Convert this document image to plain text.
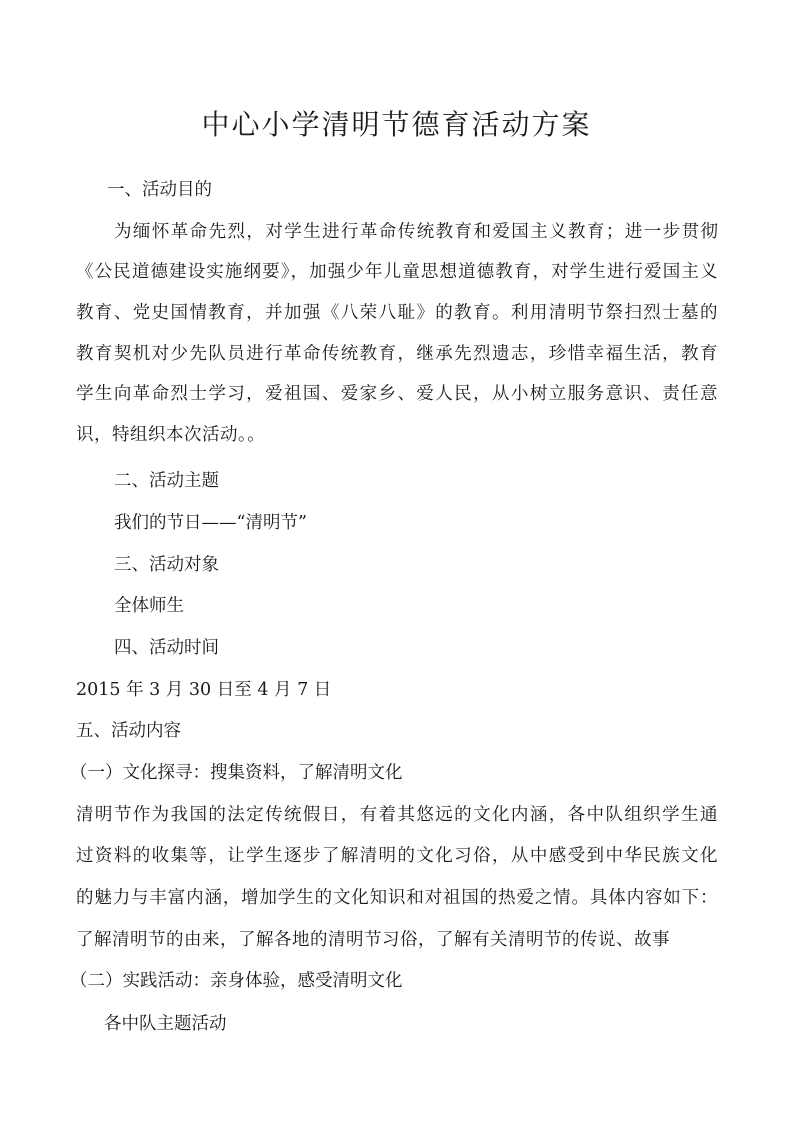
中心小学清明节德育活动方案
一、活动目的
为缅怀革命先烈，对学生进行革命传统教育和爱国主义教育；进一步贯彻
《公民道德建设实施纲要》，加强少年儿童思想道德教育，对学生进行爱国主义
教育、党史国情教育，并加强《八荣八耻》的教育。利用清明节祭扫烈士墓的
教育契机对少先队员进行革命传统教育，继承先烈遗志，珍惜幸福生活，教育
学生向革命烈士学习，爱祖国、爱家乡、爱人民，从小树立服务意识、责任意
识，特组织本次活动。。
二、活动主题
我们的节日——“清明节”
三、活动对象
全体师生
四、活动时间
2015 年 3 月 30 日至 4 月 7 日
五、活动内容
（一）文化探寻：搜集资料，了解清明文化
清明节作为我国的法定传统假日，有着其悠远的文化内涵，各中队组织学生通
过资料的收集等，让学生逐步了解清明的文化习俗，从中感受到中华民族文化
的魅力与丰富内涵，增加学生的文化知识和对祖国的热爱之情。具体内容如下：
了解清明节的由来，了解各地的清明节习俗，了解有关清明节的传说、故事
（二）实践活动：亲身体验，感受清明文化
各中队主题活动
